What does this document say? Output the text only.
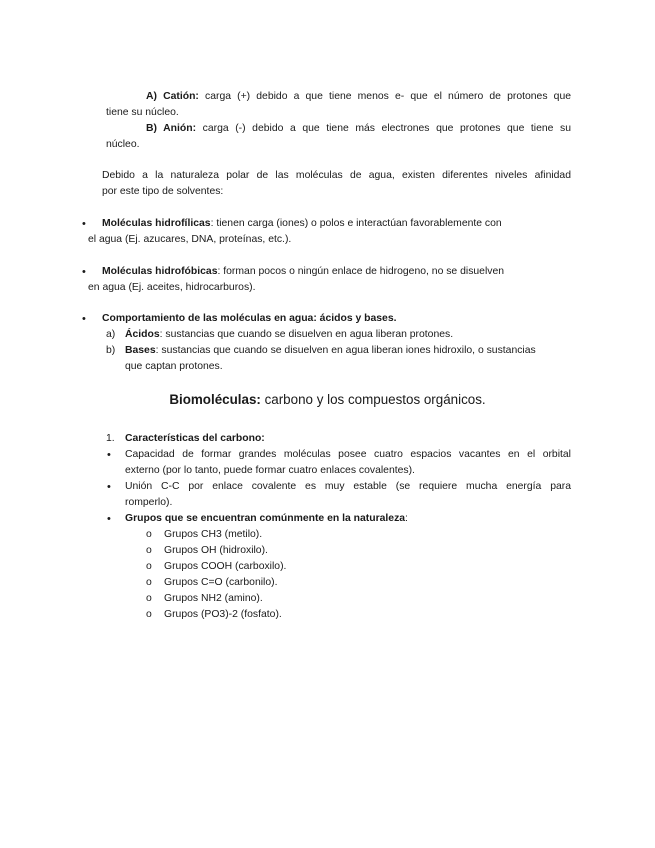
A) Catión: carga (+) debido a que tiene menos e- que el número de protones que
tiene su núcleo.
B) Anión: carga (-) debido a que tiene más electrones que protones que tiene su
núcleo.
Debido a la naturaleza polar de las moléculas de agua, existen diferentes niveles afinidad
por este tipo de solventes:
• Moléculas hidrofílicas: tienen carga (iones) o polos e interactúan favorablemente con
el agua (Ej. azucares, DNA, proteínas, etc.).
• Moléculas hidrofóbicas: forman pocos o ningún enlace de hidrogeno, no se disuelven
en agua (Ej. aceites, hidrocarburos).
• Comportamiento de las moléculas en agua: ácidos y bases.
a) Ácidos: sustancias que cuando se disuelven en agua liberan protones.
b) Bases: sustancias que cuando se disuelven en agua liberan iones hidroxilo, o sustancias
que captan protones.
Biomoléculas: carbono y los compuestos orgánicos.
1. Características del carbono:
• Capacidad de formar grandes moléculas posee cuatro espacios vacantes en el orbital
externo (por lo tanto, puede formar cuatro enlaces covalentes).
• Unión C-C por enlace covalente es muy estable (se requiere mucha energía para
romperlo).
• Grupos que se encuentran comúnmente en la naturaleza:
o Grupos CH3 (metilo).
o Grupos OH (hidroxilo).
o Grupos COOH (carboxilo).
o Grupos C=O (carbonilo).
o Grupos NH2 (amino).
o Grupos (PO3)-2 (fosfato).
